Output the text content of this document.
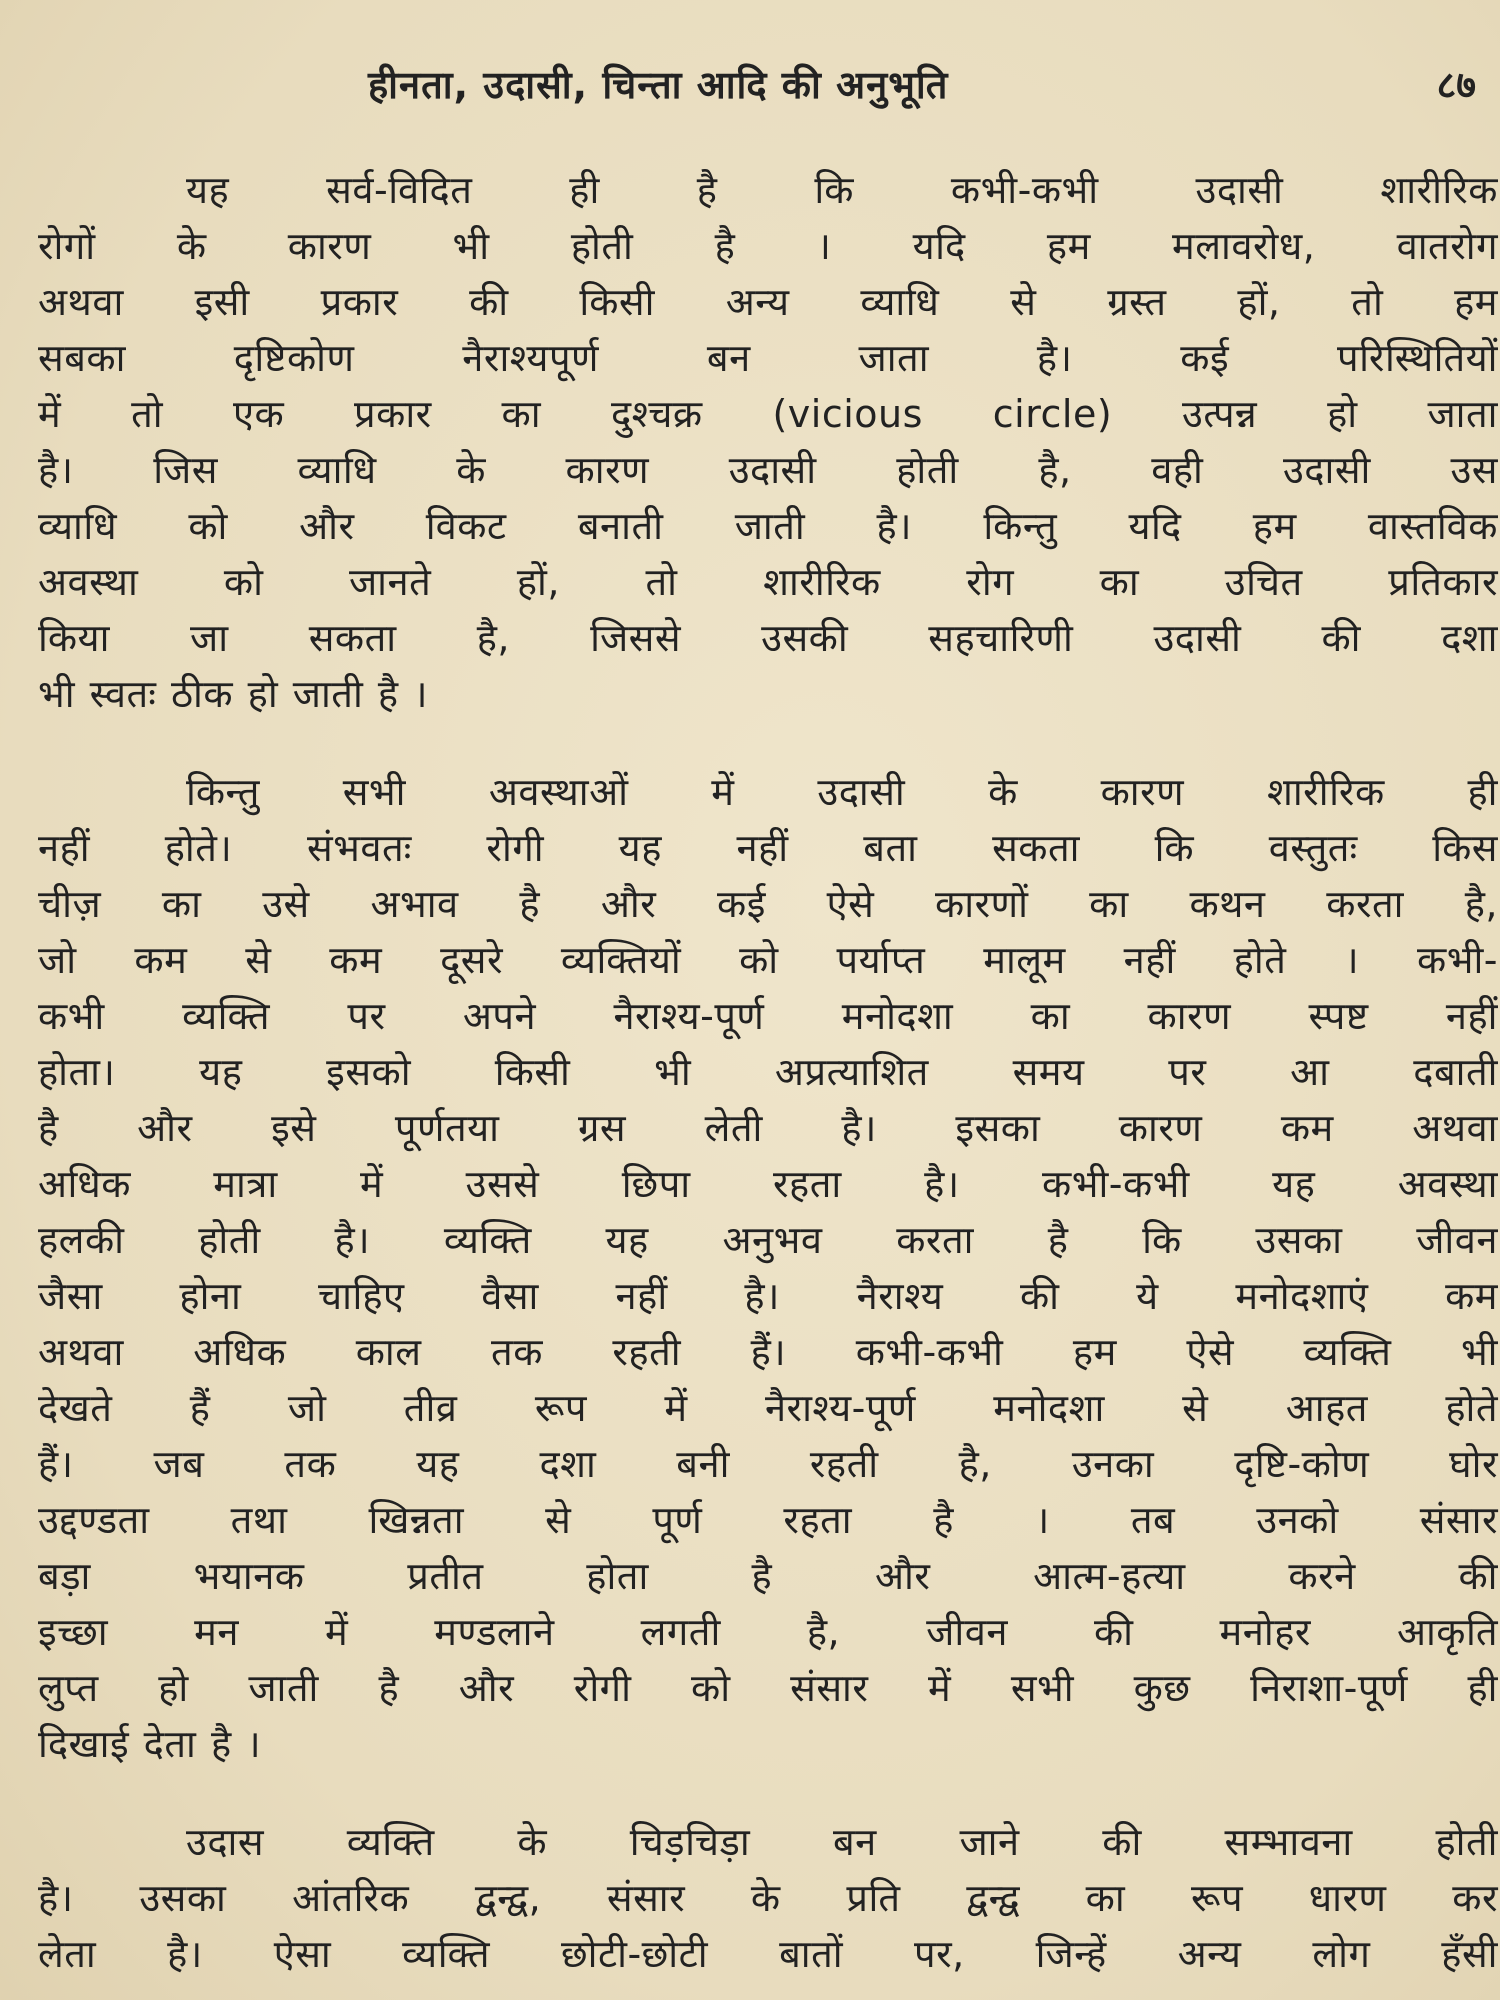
हीनता, उदासी, चिन्ता आदि की अनुभूति	८७
यह सर्व-विदित ही है कि कभी-कभी उदासी शारीरिक
रोगों के कारण भी होती है । यदि हम मलावरोध, वातरोग
अथवा इसी प्रकार की किसी अन्य व्याधि से ग्रस्त हों, तो हम
सबका दृष्टिकोण नैराश्यपूर्ण बन जाता है। कई परिस्थितियों
में तो एक प्रकार का दुश्चक्र (vicious circle) उत्पन्न हो जाता
है। जिस व्याधि के कारण उदासी होती है, वही उदासी उस
व्याधि को और विकट बनाती जाती है। किन्तु यदि हम वास्तविक
अवस्था को जानते हों, तो शारीरिक रोग का उचित प्रतिकार
किया जा सकता है, जिससे उसकी सहचारिणी उदासी की दशा
भी स्वतः ठीक हो जाती है ।
किन्तु सभी अवस्थाओं में उदासी के कारण शारीरिक ही
नहीं होते। संभवतः रोगी यह नहीं बता सकता कि वस्तुतः किस
चीज़ का उसे अभाव है और कई ऐसे कारणों का कथन करता है,
जो कम से कम दूसरे व्यक्तियों को पर्याप्त मालूम नहीं होते । कभी-
कभी व्यक्ति पर अपने नैराश्य-पूर्ण मनोदशा का कारण स्पष्ट नहीं
होता। यह इसको किसी भी अप्रत्याशित समय पर आ दबाती
है और इसे पूर्णतया ग्रस लेती है। इसका कारण कम अथवा
अधिक मात्रा में उससे छिपा रहता है। कभी-कभी यह अवस्था
हलकी होती है। व्यक्ति यह अनुभव करता है कि उसका जीवन
जैसा होना चाहिए वैसा नहीं है। नैराश्य की ये मनोदशाएं कम
अथवा अधिक काल तक रहती हैं। कभी-कभी हम ऐसे व्यक्ति भी
देखते हैं जो तीव्र रूप में नैराश्य-पूर्ण मनोदशा से आहत होते
हैं। जब तक यह दशा बनी रहती है, उनका दृष्टि-कोण घोर
उद्दण्डता तथा खिन्नता से पूर्ण रहता है । तब उनको संसार
बड़ा भयानक प्रतीत होता है और आत्म-हत्या करने की
इच्छा मन में मण्डलाने लगती है, जीवन की मनोहर आकृति
लुप्त हो जाती है और रोगी को संसार में सभी कुछ निराशा-पूर्ण ही
दिखाई देता है ।
उदास व्यक्ति के चिड़चिड़ा बन जाने की सम्भावना होती
है। उसका आंतरिक द्वन्द्व, संसार के प्रति द्वन्द्व का रूप धारण कर
लेता है। ऐसा व्यक्ति छोटी-छोटी बातों पर, जिन्हें अन्य लोग हँसी
